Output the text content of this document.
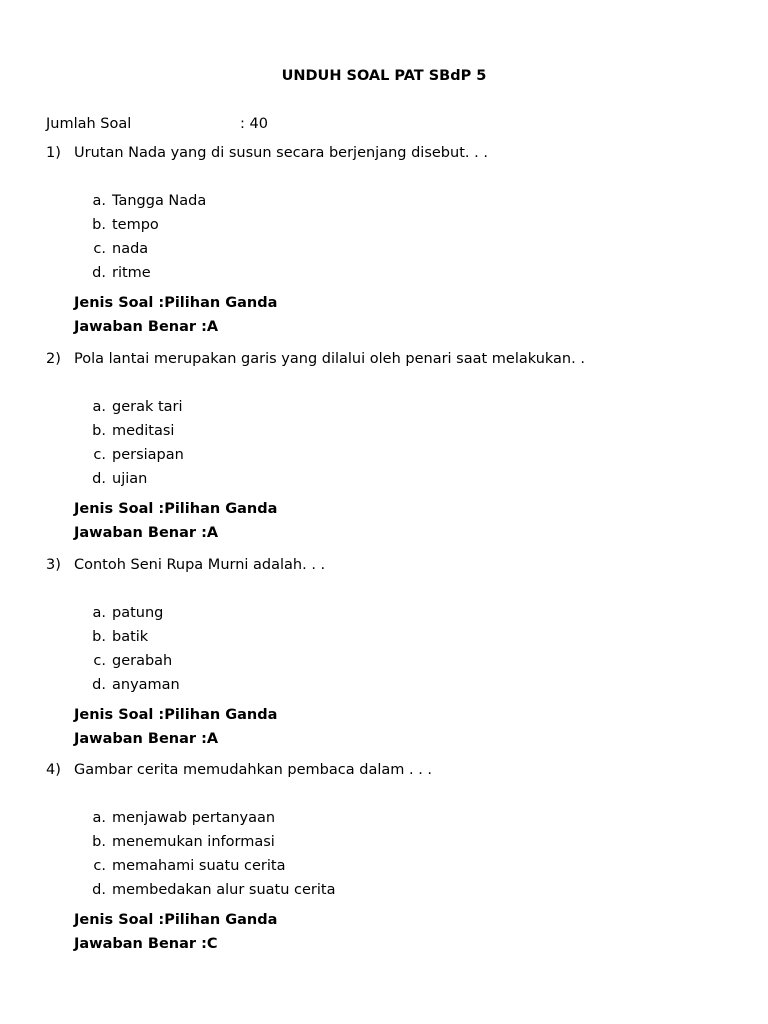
UNDUH SOAL PAT SBdP 5
Jumlah Soal	: 40
1) Urutan Nada yang di susun secara berjenjang disebut. . .
a. Tangga Nada
b. tempo
c. nada
d. ritme
Jenis Soal :Pilihan Ganda
Jawaban Benar :A
2) Pola lantai merupakan garis yang dilalui oleh penari saat melakukan. .
a. gerak tari
b. meditasi
c. persiapan
d. ujian
Jenis Soal :Pilihan Ganda
Jawaban Benar :A
3) Contoh Seni Rupa Murni adalah. . .
a. patung
b. batik
c. gerabah
d. anyaman
Jenis Soal :Pilihan Ganda
Jawaban Benar :A
4) Gambar cerita memudahkan pembaca dalam . . .
a. menjawab pertanyaan
b. menemukan informasi
c. memahami suatu cerita
d. membedakan alur suatu cerita
Jenis Soal :Pilihan Ganda
Jawaban Benar :C
